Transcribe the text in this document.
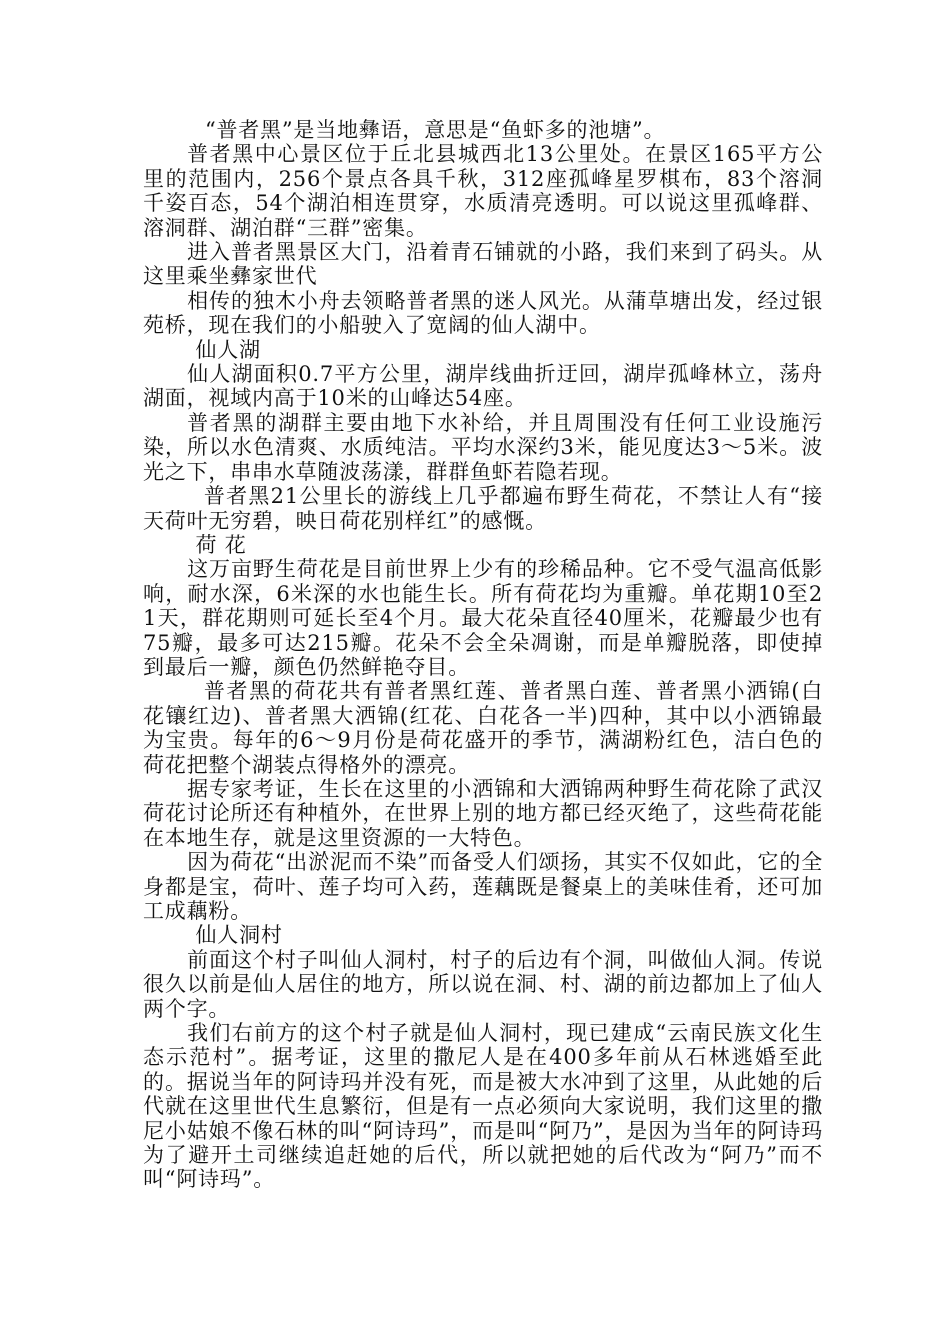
“普者黑”是当地彝语，意思是“鱼虾多的池塘”。

普者黑中心景区位于丘北县城西北13公里处。在景区165平方公里的范围内，256个景点各具千秋，312座孤峰星罗棋布，83个溶洞千姿百态，54个湖泊相连贯穿，水质清亮透明。可以说这里孤峰群、溶洞群、湖泊群“三群”密集。

进入普者黑景区大门，沿着青石铺就的小路，我们来到了码头。从这里乘坐彝家世代

相传的独木小舟去领略普者黑的迷人风光。从蒲草塘出发，经过银苑桥，现在我们的小船驶入了宽阔的仙人湖中。

仙人湖

仙人湖面积0.7平方公里，湖岸线曲折迂回，湖岸孤峰林立，荡舟湖面，视域内高于10米的山峰达54座。

普者黑的湖群主要由地下水补给，并且周围没有任何工业设施污染，所以水色清爽、水质纯洁。平均水深约3米，能见度达3～5米。波光之下，串串水草随波荡漾，群群鱼虾若隐若现。

普者黑21公里长的游线上几乎都遍布野生荷花，不禁让人有“接天荷叶无穷碧，映日荷花别样红”的感慨。

荷 花

这万亩野生荷花是目前世界上少有的珍稀品种。它不受气温高低影响，耐水深，6米深的水也能生长。所有荷花均为重瓣。单花期10至21天，群花期则可延长至4个月。最大花朵直径40厘米，花瓣最少也有75瓣，最多可达215瓣。花朵不会全朵凋谢，而是单瓣脱落，即使掉到最后一瓣，颜色仍然鲜艳夺目。

普者黑的荷花共有普者黑红莲、普者黑白莲、普者黑小洒锦(白花镶红边)、普者黑大洒锦(红花、白花各一半)四种，其中以小洒锦最为宝贵。每年的6～9月份是荷花盛开的季节，满湖粉红色，洁白色的荷花把整个湖装点得格外的漂亮。

据专家考证，生长在这里的小洒锦和大洒锦两种野生荷花除了武汉荷花讨论所还有种植外，在世界上别的地方都已经灭绝了，这些荷花能在本地生存，就是这里资源的一大特色。

因为荷花“出淤泥而不染”而备受人们颂扬，其实不仅如此，它的全身都是宝，荷叶、莲子均可入药，莲藕既是餐桌上的美味佳肴，还可加工成藕粉。

仙人洞村

前面这个村子叫仙人洞村，村子的后边有个洞，叫做仙人洞。传说很久以前是仙人居住的地方，所以说在洞、村、湖的前边都加上了仙人两个字。

我们右前方的这个村子就是仙人洞村，现已建成“云南民族文化生态示范村”。据考证，这里的撒尼人是在400多年前从石林逃婚至此的。据说当年的阿诗玛并没有死，而是被大水冲到了这里，从此她的后代就在这里世代生息繁衍，但是有一点必须向大家说明，我们这里的撒尼小姑娘不像石林的叫“阿诗玛”，而是叫“阿乃”，是因为当年的阿诗玛为了避开土司继续追赶她的后代，所以就把她的后代改为“阿乃”而不叫“阿诗玛”。
